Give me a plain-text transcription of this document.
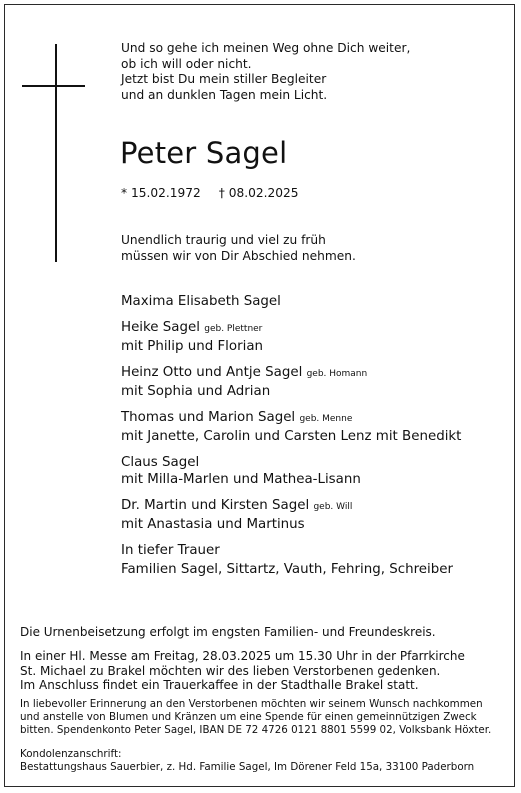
Und so gehe ich meinen Weg ohne Dich weiter,
ob ich will oder nicht.
Jetzt bist Du mein stiller Begleiter
und an dunklen Tagen mein Licht.
Peter Sagel
* 15.02.1972 † 08.02.2025
Unendlich traurig und viel zu früh
müssen wir von Dir Abschied nehmen.
Maxima Elisabeth Sagel
Heike Sagel geb. Plettner
mit Philip und Florian
Heinz Otto und Antje Sagel geb. Homann
mit Sophia und Adrian
Thomas und Marion Sagel geb. Menne
mit Janette, Carolin und Carsten Lenz mit Benedikt
Claus Sagel
mit Milla-Marlen und Mathea-Lisann
Dr. Martin und Kirsten Sagel geb. Will
mit Anastasia und Martinus
In tiefer Trauer
Familien Sagel, Sittartz, Vauth, Fehring, Schreiber
Die Urnenbeisetzung erfolgt im engsten Familien- und Freundeskreis.
In einer Hl. Messe am Freitag, 28.03.2025 um 15.30 Uhr in der Pfarrkirche
St. Michael zu Brakel möchten wir des lieben Verstorbenen gedenken.
Im Anschluss findet ein Trauerkaffee in der Stadthalle Brakel statt.
In liebevoller Erinnerung an den Verstorbenen möchten wir seinem Wunsch nachkommen
und anstelle von Blumen und Kränzen um eine Spende für einen gemeinnützigen Zweck
bitten. Spendenkonto Peter Sagel, IBAN DE 72 4726 0121 8801 5599 02, Volksbank Höxter.
Kondolenzanschrift:
Bestattungshaus Sauerbier, z. Hd. Familie Sagel, Im Dörener Feld 15a, 33100 Paderborn
